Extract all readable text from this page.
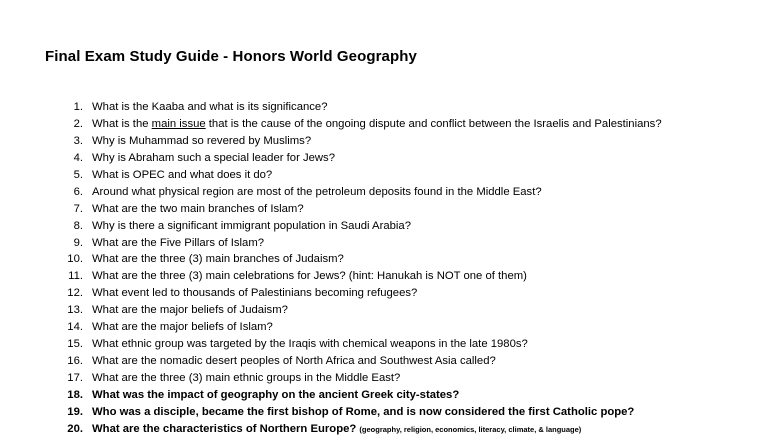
Final Exam Study Guide - Honors World Geography
1. What is the Kaaba and what is its significance?
2. What is the main issue that is the cause of the ongoing dispute and conflict between the Israelis and Palestinians?
3. Why is Muhammad so revered by Muslims?
4. Why is Abraham such a special leader for Jews?
5. What is OPEC and what does it do?
6. Around what physical region are most of the petroleum deposits found in the Middle East?
7. What are the two main branches of Islam?
8. Why is there a significant immigrant population in Saudi Arabia?
9. What are the Five Pillars of Islam?
10. What are the three (3) main branches of Judaism?
11. What are the three (3) main celebrations for Jews? (hint: Hanukah is NOT one of them)
12. What event led to thousands of Palestinians becoming refugees?
13. What are the major beliefs of Judaism?
14. What are the major beliefs of Islam?
15. What ethnic group was targeted by the Iraqis with chemical weapons in the late 1980s?
16. What are the nomadic desert peoples of North Africa and Southwest Asia called?
17. What are the three (3) main ethnic groups in the Middle East?
18. What was the impact of geography on the ancient Greek city-states?
19. Who was a disciple, became the first bishop of Rome, and is now considered the first Catholic pope?
20. What are the characteristics of Northern Europe? (geography, religion, economics, literacy, climate, & language)
